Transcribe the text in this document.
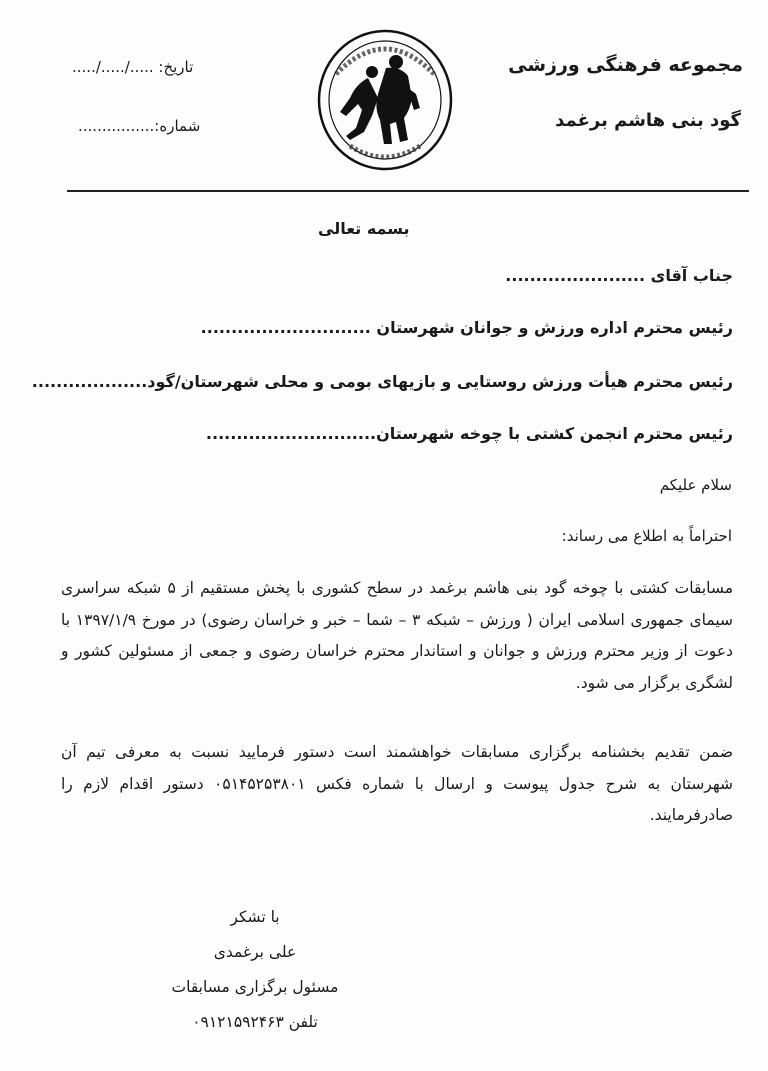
مجموعه فرهنگی ورزشی
گود بنی هاشم برغمد
تاریخ: ...../...../.....
شماره:................
بسمه تعالی
جناب آقای .......................
رئیس محترم اداره ورزش و جوانان شهرستان ............................
رئیس محترم هیأت ورزش روستایی و بازیهای بومی و محلی شهرستان/گود...................
رئیس محترم انجمن کشتی با چوخه شهرستان............................
سلام علیکم
احتراماً به اطلاع می رساند:
مسابقات کشتی با چوخه گود بنی هاشم برغمد در سطح کشوری با پخش مستقیم از ۵ شبکه سراسری سیمای جمهوری اسلامی ایران ( ورزش – شبکه ۳ – شما – خبر و خراسان رضوی) در مورخ ۱۳۹۷/۱/۹ با دعوت از وزیر محترم ورزش و جوانان و استاندار محترم خراسان رضوی و جمعی از مسئولین کشور و لشگری برگزار می شود.
ضمن تقدیم بخشنامه برگزاری مسابقات خواهشمند است دستور فرمایید نسبت به معرفی تیم آن شهرستان به شرح جدول پیوست و ارسال با شماره فکس ۰۵۱۴۵۲۵۳۸۰۱ دستور اقدام لازم را صادرفرمایند.
با تشکر
علی برغمدی
مسئول برگزاری مسابقات
تلفن ۰۹۱۲۱۵۹۲۴۶۳
